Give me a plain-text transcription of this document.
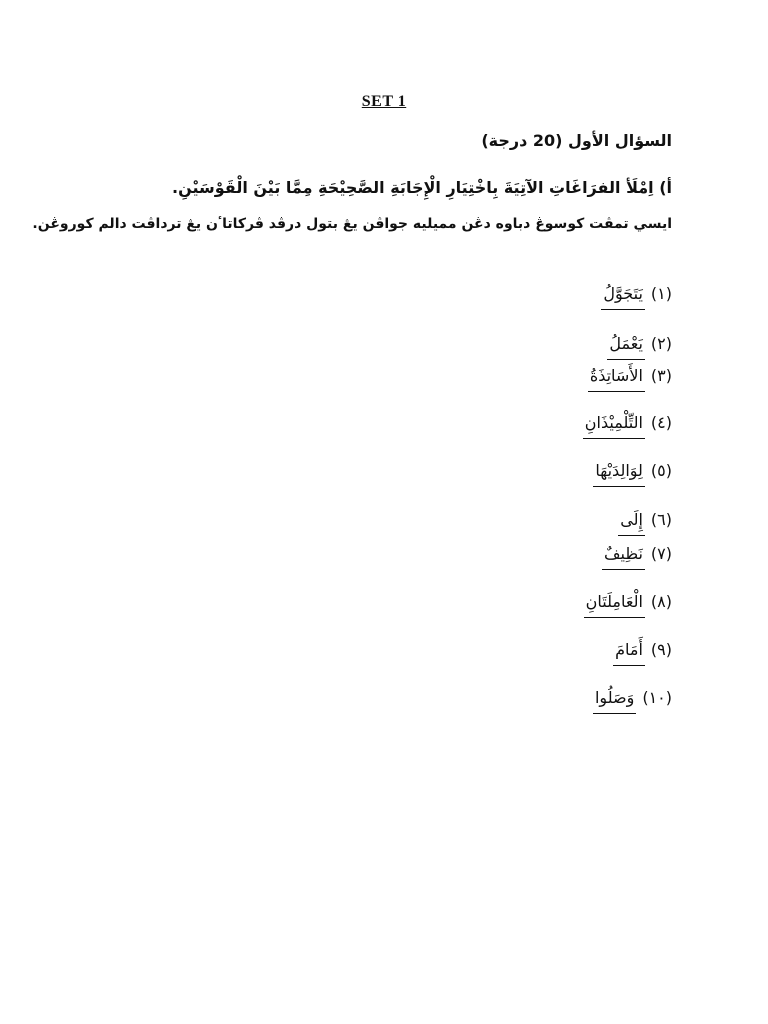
SET 1
السؤال الأول (20 درجة)
أ) اِمْلَأ الفرَاغَاتِ الآتِيَةَ بِاخْتِيَارِ الْإِجَابَةِ الصَّحِيْحَةِ مِمَّا بَيْنَ الْقَوْسَيْنِ.
ايسي تمڤت كوسوڠ دباوه دڠن مميليه جواڤن يڠ بتول درڤد ڤركاتاٴن يڠ ترداڤت دالم كوروڠن.
(١)
يَتَجَوَّلُ
(٢)
يَعْمَلُ
(٣)
الأَسَاتِذَةُ
(٤)
التِّلْمِيْذَانِ
(٥)
لِوَالِدَيْهَا
(٦)
إِلَى
(٧)
نَظِيفٌ
(٨)
الْعَامِلَتَانِ
(٩)
أَمَامَ
(١٠)
وَصَلُوا
